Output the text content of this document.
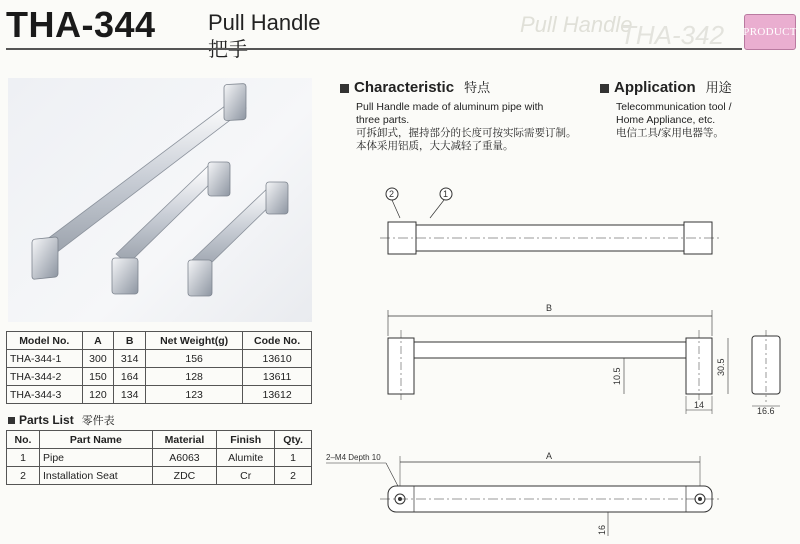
Pull Handle
THA-342
THA-344 Pull Handle
把手
PRODUCT
Model No.	A	B	Net Weight(g)	Code No.
THA-344-1	300	314	156	13610
THA-344-2	150	164	128	13611
THA-344-3	120	134	123	13612
Parts List 零件表
No.	Part Name	Material	Finish	Qty.
1	Pipe	A6063	Alumite	1
2	Installation Seat	ZDC	Cr	2
Characteristic 特点

Pull Handle made of aluminum pipe with

three parts.

可拆卸式，握持部分的长度可按实际需要订制。

本体采用铝质，大大减轻了重量。

Application 用途

Telecommunication tool /

Home Appliance, etc.

电信工具/家用电器等。

2	1
B
10.5
30.5
14
16.6
2–M4 Depth 10	A
16
